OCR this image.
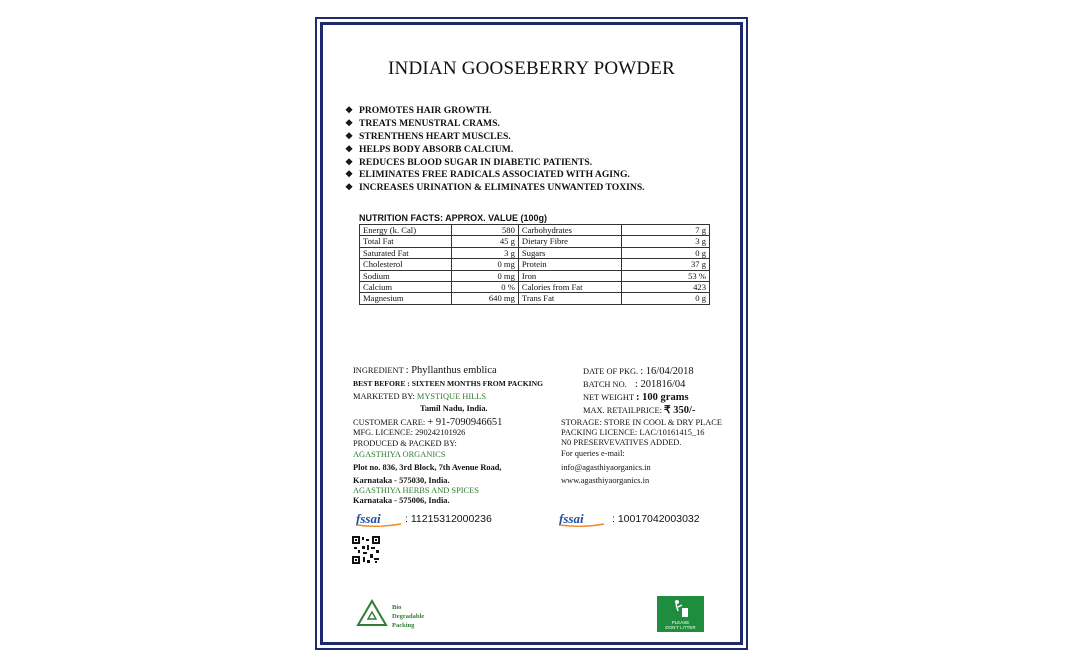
INDIAN GOOSEBERRY POWDER
❖ PROMOTES HAIR GROWTH.
❖ TREATS MENUSTRAL CRAMS.
❖ STRENTHENS HEART MUSCLES.
❖ HELPS BODY ABSORB CALCIUM.
❖ REDUCES BLOOD SUGAR IN DIABETIC PATIENTS.
❖ ELIMINATES FREE RADICALS ASSOCIATED WITH AGING.
❖ INCREASES URINATION & ELIMINATES UNWANTED TOXINS.
NUTRITION FACTS: APPROX. VALUE (100g)
Energy (k. Cal)	580	Carbohydrates	7 g
Total Fat	45 g	Dietary Fibre	3 g
Saturated Fat	3 g	Sugars	0 g
Cholesterol	0 mg	Protein	37 g
Sodium	0 mg	Iron	53 %
Calcium	0 %	Calories from Fat	423
Magnesium	640 mg	Trans Fat	0 g
INGREDIENT : Phyllanthus emblica
BEST BEFORE : SIXTEEN MONTHS FROM PACKING
MARKETED BY: MYSTIQUE HILLS
Tamil Nadu, India.
CUSTOMER CARE: + 91-7090946651
MFG. LICENCE: 290242101926
PRODUCED & PACKED BY:
AGASTHIYA ORGANICS
Plot no. 836, 3rd Block, 7th Avenue Road,
Karnataka - 575030, India.
AGASTHIYA HERBS AND SPICES
Karnataka - 575006, India.
DATE OF PKG. : 16/04/2018
BATCH NO. : 201816/04
NET WEIGHT : 100 grams
MAX. RETAILPRICE: ₹ 350/-
STORAGE: STORE IN COOL & DRY PLACE
PACKING LICENCE: LAC/10161415_16
N0 PRESERVEVATIVES ADDED.
For queries e-mail:
info@agasthiyaorganics.in
www.agasthiyaorganics.in
fssai : 11215312000236	fssai	: 10017042003032
Bio
Degradable
Packing	PLEASE
DON'T LITTER
